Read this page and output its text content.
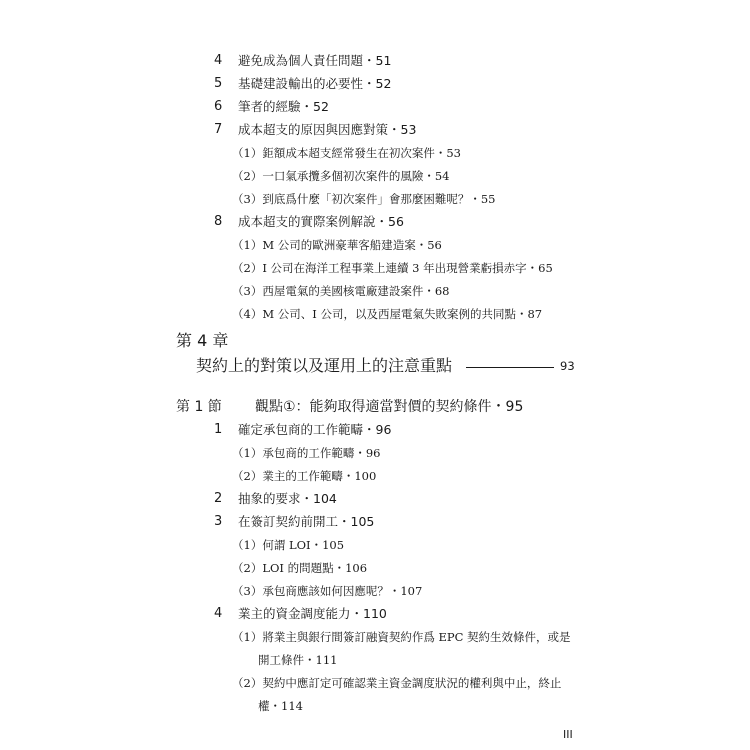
4 避免成為個人責任問題・51
5 基礎建設輸出的必要性・52
6 筆者的經驗・52
7 成本超支的原因與因應對策・53
（1）鉅額成本超支經常發生在初次案件・53
（2）一口氣承攬多個初次案件的風險・54
（3）到底爲什麼「初次案件」會那麼困難呢？・55
8 成本超支的實際案例解說・56
（1）M 公司的歐洲豪華客船建造案・56
（2）I 公司在海洋工程事業上連續 3 年出現營業虧損赤字・65
（3）西屋電氣的美國核電廠建設案件・68
（4）M 公司、I 公司，以及西屋電氣失敗案例的共同點・87
第 4 章
契約上的對策以及運用上的注意重點	93
第 1 節 觀點①：能夠取得適當對價的契約條件・95
1 確定承包商的工作範疇・96
（1）承包商的工作範疇・96
（2）業主的工作範疇・100
2 抽象的要求・104
3 在簽訂契約前開工・105
（1）何謂 LOI・105
（2）LOI 的問題點・106
（3）承包商應該如何因應呢？・107
4 業主的資金調度能力・110
（1）將業主與銀行間簽訂融資契約作爲 EPC 契約生效條件，或是
開工條件・111
（2）契約中應訂定可確認業主資金調度狀況的權利與中止，終止
權・114
III
